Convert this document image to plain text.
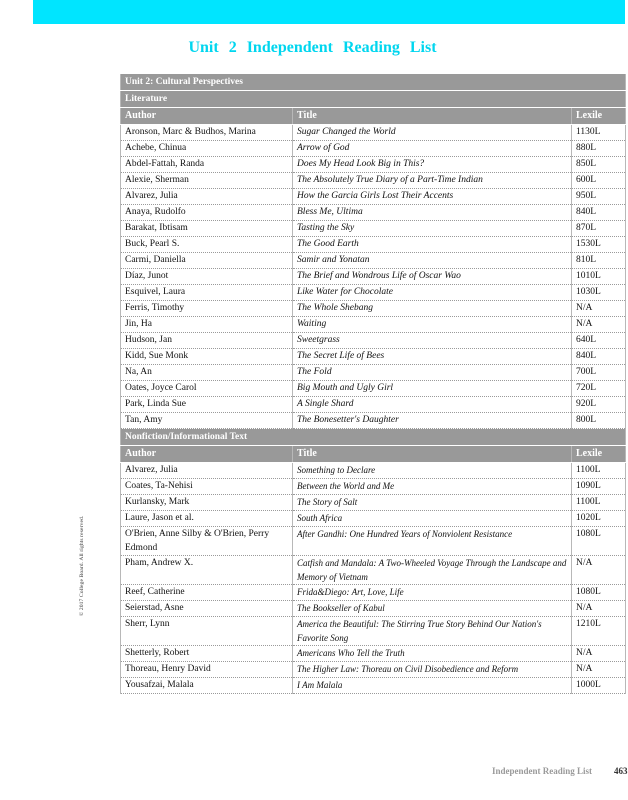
Unit 2 Independent Reading List
Unit 2: Cultural Perspectives		
Literature		
Author	Title	Lexile
Aronson, Marc & Budhos, Marina	Sugar Changed the World	1130L
Achebe, Chinua	Arrow of God	880L
Abdel-Fattah, Randa	Does My Head Look Big in This?	850L
Alexie, Sherman	The Absolutely True Diary of a Part-Time Indian	600L
Alvarez, Julia	How the Garcia Girls Lost Their Accents	950L
Anaya, Rudolfo	Bless Me, Ultima	840L
Barakat, Ibtisam	Tasting the Sky	870L
Buck, Pearl S.	The Good Earth	1530L
Carmi, Daniella	Samir and Yonatan	810L
Díaz, Junot	The Brief and Wondrous Life of Oscar Wao	1010L
Esquivel, Laura	Like Water for Chocolate	1030L
Ferris, Timothy	The Whole Shebang	N/A
Jin, Ha	Waiting	N/A
Hudson, Jan	Sweetgrass	640L
Kidd, Sue Monk	The Secret Life of Bees	840L
Na, An	The Fold	700L
Oates, Joyce Carol	Big Mouth and Ugly Girl	720L
Park, Linda Sue	A Single Shard	920L
Tan, Amy	The Bonesetter's Daughter	800L
Nonfiction/Informational Text		
Author	Title	Lexile
Alvarez, Julia	Something to Declare	1100L
Coates, Ta-Nehisi	Between the World and Me	1090L
Kurlansky, Mark	The Story of Salt	1100L
Laure, Jason et al.	South Africa	1020L
O'Brien, Anne Silby & O'Brien, Perry Edmond	After Gandhi: One Hundred Years of Nonviolent Resistance	1080L
Pham, Andrew X.	Catfish and Mandala: A Two-Wheeled Voyage Through the Landscape and Memory of Vietnam	N/A
Reef, Catherine	Frida&Diego: Art, Love, Life	1080L
Seierstad, Asne	The Bookseller of Kabul	N/A
Sherr, Lynn	America the Beautiful: The Stirring True Story Behind Our Nation's Favorite Song	1210L
Shetterly, Robert	Americans Who Tell the Truth	N/A
Thoreau, Henry David	The Higher Law: Thoreau on Civil Disobedience and Reform	N/A
Yousafzai, Malala	I Am Malala	1000L
© 2017 College Board. All rights reserved.
Independent Reading List 463
